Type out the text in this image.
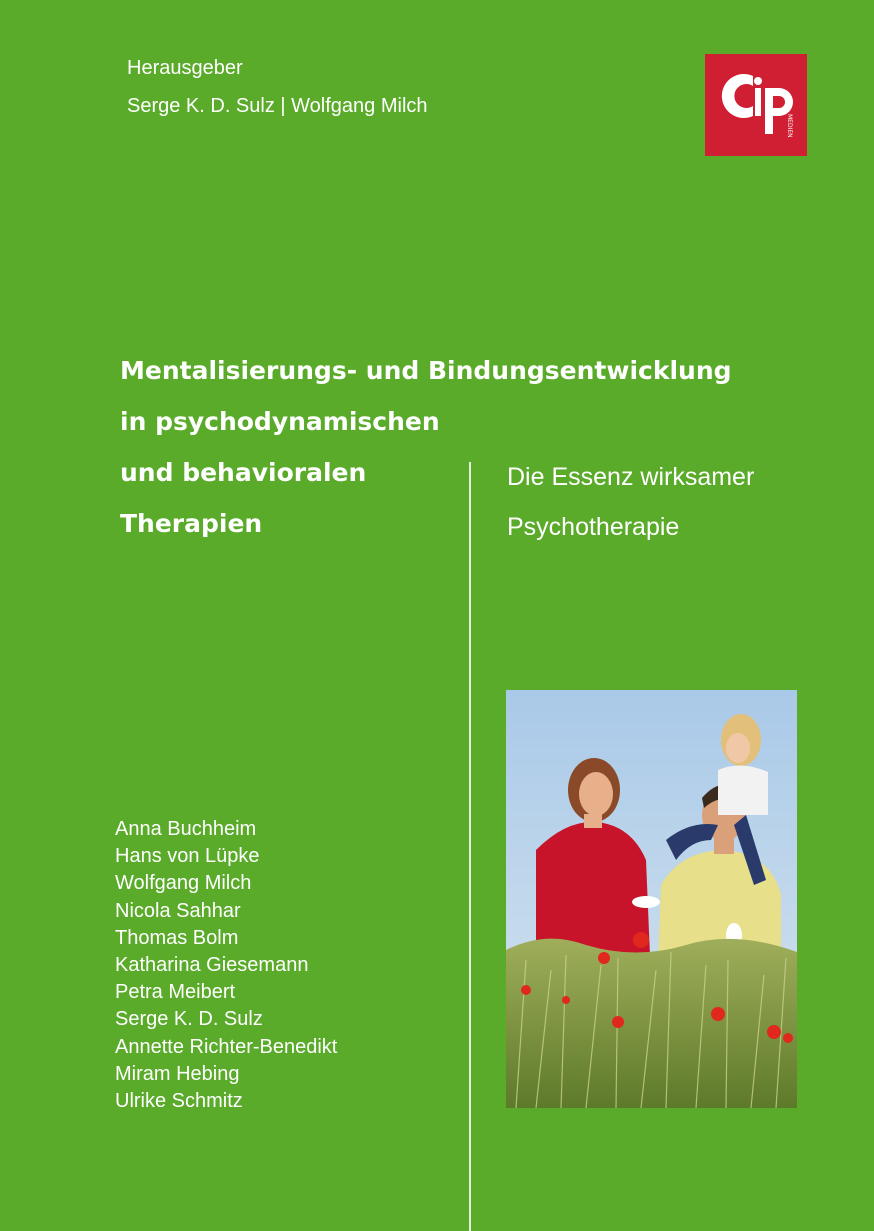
Herausgeber
Serge K. D. Sulz | Wolfgang Milch
MEDIEN
Mentalisierungs- und Bindungsentwicklung
in psychodynamischen
und behavioralen
Therapien
Die Essenz wirksamer
Psychotherapie
Anna Buchheim
Hans von Lüpke
Wolfgang Milch
Nicola Sahhar
Thomas Bolm
Katharina Giesemann
Petra Meibert
Serge K. D. Sulz
Annette Richter-Benedikt
Miram Hebing
Ulrike Schmitz
